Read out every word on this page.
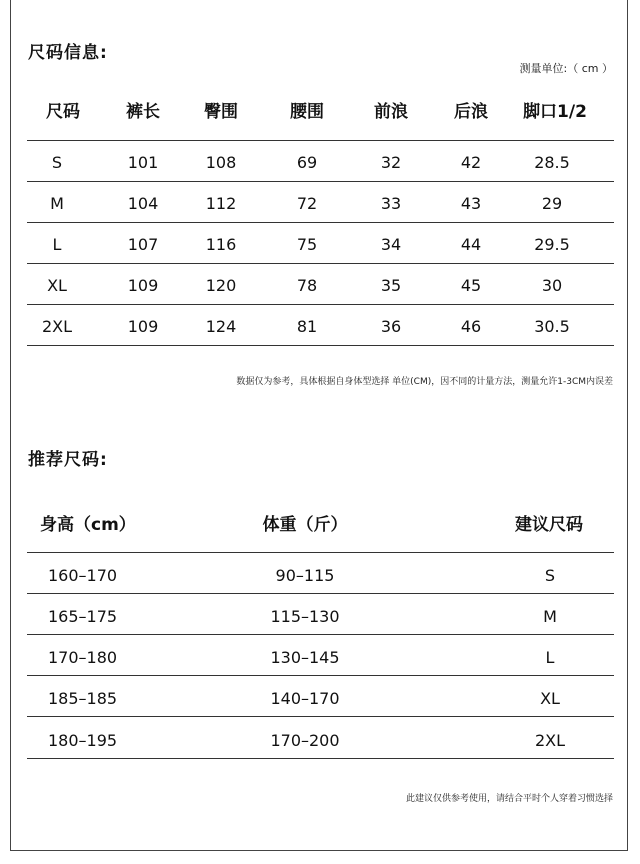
尺码信息:
测量单位:（ cm ）
尺码	裤长	臀围	腰围	前浪	后浪	脚口1/2
S	101	108	69	32	42	28.5
M	104	112	72	33	43	29
L	107	116	75	34	44	29.5
XL	109	120	78	35	45	30
2XL	109	124	81	36	46	30.5
数据仅为参考，具体根据自身体型选择 单位(CM)，因不同的计量方法，测量允许1-3CM内误差
推荐尺码:
身高（cm）	体重（斤）	建议尺码
160–170	90–115	S
165–175	115–130	M
170–180	130–145	L
185–185	140–170	XL
180–195	170–200	2XL
此建议仅供参考使用，请结合平时个人穿着习惯选择
